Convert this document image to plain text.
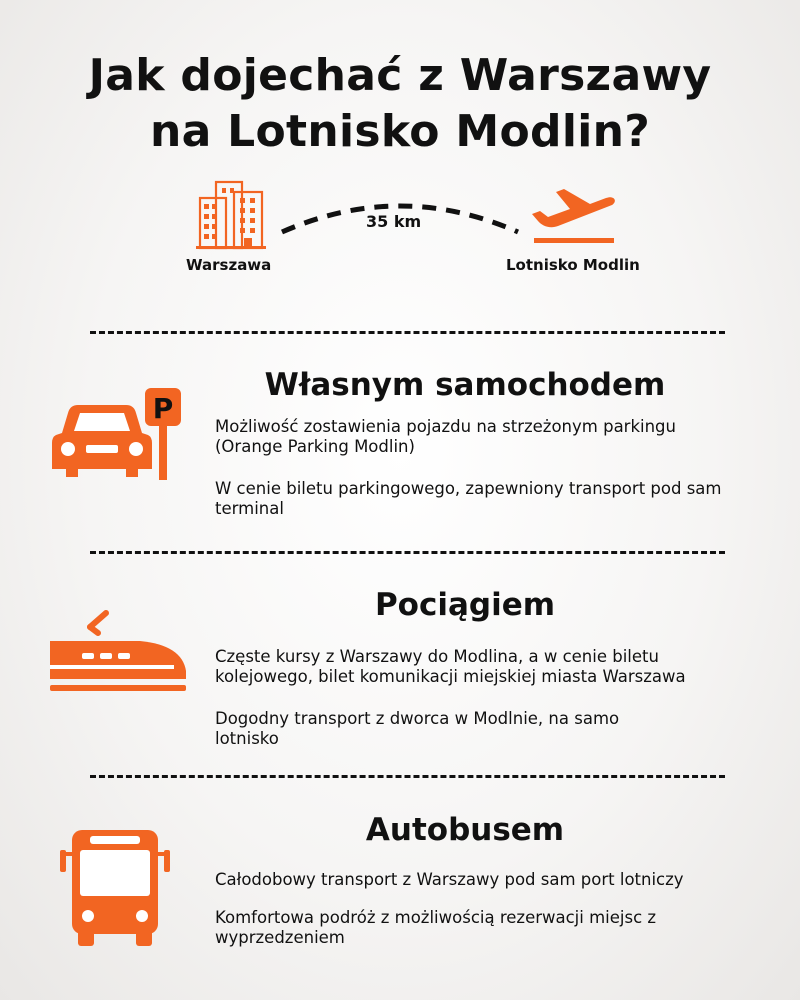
Jak dojechać z Warszawy
na Lotnisko Modlin?
Warszawa
35 km
Lotnisko Modlin
P
Własnym samochodem
Możliwość zostawienia pojazdu na strzeżonym parkingu (Orange Parking Modlin)
W cenie biletu parkingowego, zapewniony transport pod sam terminal
Pociągiem
Częste kursy z Warszawy do Modlina, a w cenie biletu kolejowego, bilet komunikacji miejskiej miasta Warszawa
Dogodny transport z dworca w Modlnie, na samo lotnisko
Autobusem
Całodobowy transport z Warszawy pod sam port lotniczy
Komfortowa podróż z możliwością rezerwacji miejsc z wyprzedzeniem
